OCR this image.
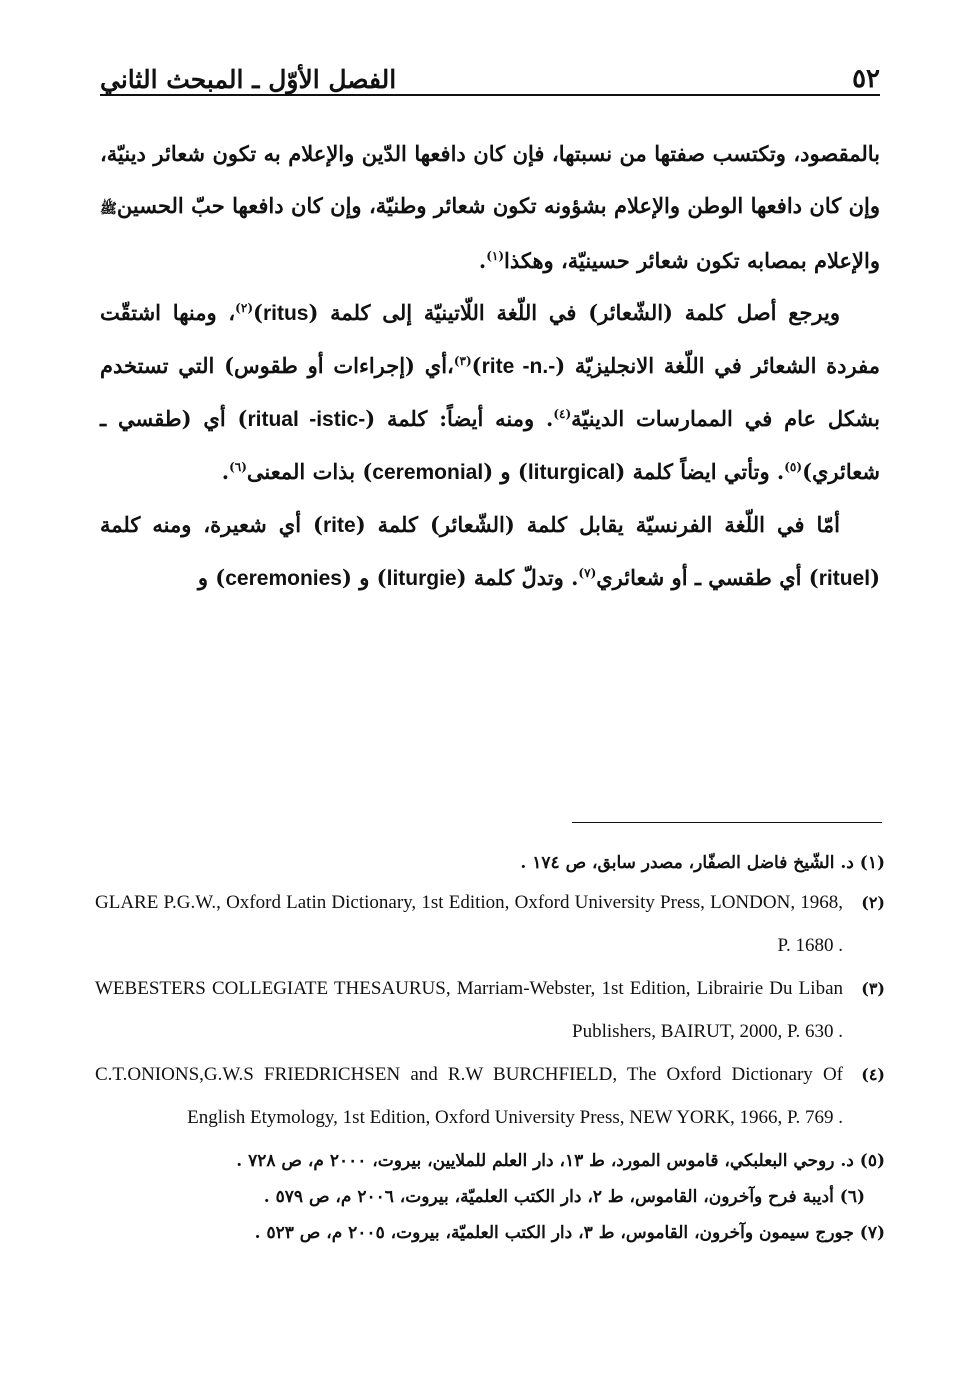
٥٢
الفصل الأوّل ـ المبحث الثاني

بالمقصود، وتكتسب صفتها من نسبتها، فإن كان دافعها الدّين والإعلام به تكون شعائر دينيّة، وإن كان دافعها الوطن والإعلام بشؤونه تكون شعائر وطنيّة، وإن كان دافعها حبّ الحسينﷺ والإعلام بمصابه تكون شعائر حسينيّة، وهكذا$^{(١)}$.

ويرجع أصل كلمة (الشّعائر) في اللّغة اللّاتينيّة إلى كلمة (ritus)$^{(٢)}$، ومنها اشتقّت مفردة الشعائر في اللّغة الانجليزيّة (rite -n.-)$^{(٣)}$،أي (إجراءات أو طقوس) التي تستخدم بشكل عام في الممارسات الدينيّة$^{(٤)}$. ومنه أيضاً: كلمة (ritual -istic-) أي (طقسي ـ شعائري)$^{(٥)}$. وتأتي ايضاً كلمة (liturgical) و (ceremonial) بذات المعنى$^{(٦)}$.

أمّا في اللّغة الفرنسيّة يقابل كلمة (الشّعائر) كلمة (rite) أي شعيرة، ومنه كلمة (rituel) أي طقسي ـ أو شعائري$^{(٧)}$. وتدلّ كلمة (liturgie) و (ceremonies) و

(١) د. الشّيخ فاضل الصفّار، مصدر سابق، ص ١٧٤ .
(٢)
GLARE P.G.W., Oxford Latin Dictionary, 1st Edition, Oxford University Press, LONDON, 1968, P. 1680 .
(٣)
WEBESTERS COLLEGIATE THESAURUS, Marriam-Webster, 1st Edition, Librairie Du Liban Publishers, BAIRUT, 2000, P. 630 .
(٤)
C.T.ONIONS,G.W.S FRIEDRICHSEN and R.W BURCHFIELD, The Oxford Dictionary Of English Etymology, 1st Edition, Oxford University Press, NEW YORK, 1966, P. 769 .
(٥) د. روحي البعلبكي، قاموس المورد، ط ١٣، دار العلم للملايين، بيروت، ٢٠٠٠ م، ص ٧٢٨ .
(٦) أديبة فرح وآخرون، القاموس، ط ٢، دار الكتب العلميّة، بيروت، ٢٠٠٦ م، ص ٥٧٩ .
(٧) جورج سيمون وآخرون، القاموس، ط ٣، دار الكتب العلميّة، بيروت، ٢٠٠٥ م، ص ٥٢٣ .
